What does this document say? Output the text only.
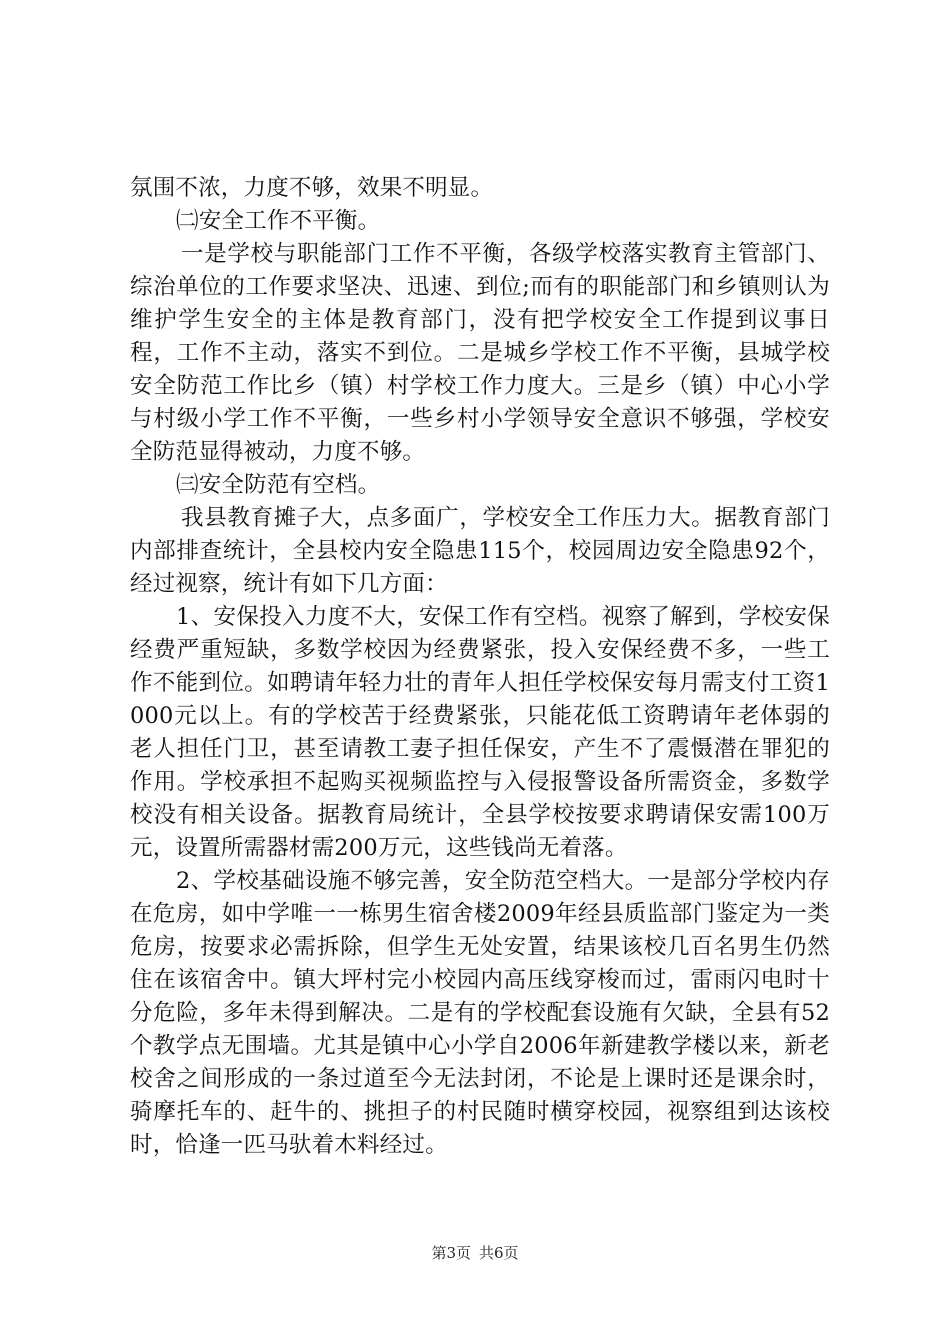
氛围不浓，力度不够，效果不明显。

㈡安全工作不平衡。

一是学校与职能部门工作不平衡，各级学校落实教育主管部门、综治单位的工作要求坚决、迅速、到位;而有的职能部门和乡镇则认为维护学生安全的主体是教育部门，没有把学校安全工作提到议事日程，工作不主动，落实不到位。二是城乡学校工作不平衡，县城学校安全防范工作比乡（镇）村学校工作力度大。三是乡（镇）中心小学与村级小学工作不平衡，一些乡村小学领导安全意识不够强，学校安全防范显得被动，力度不够。

㈢安全防范有空档。

我县教育摊子大，点多面广，学校安全工作压力大。据教育部门内部排查统计，全县校内安全隐患115个，校园周边安全隐患92个，经过视察，统计有如下几方面：

1、安保投入力度不大，安保工作有空档。视察了解到，学校安保经费严重短缺，多数学校因为经费紧张，投入安保经费不多，一些工作不能到位。如聘请年轻力壮的青年人担任学校保安每月需支付工资1000元以上。有的学校苦于经费紧张，只能花低工资聘请年老体弱的老人担任门卫，甚至请教工妻子担任保安，产生不了震慑潜在罪犯的作用。学校承担不起购买视频监控与入侵报警设备所需资金，多数学校没有相关设备。据教育局统计，全县学校按要求聘请保安需100万元，设置所需器材需200万元，这些钱尚无着落。

2、学校基础设施不够完善，安全防范空档大。一是部分学校内存在危房，如中学唯一一栋男生宿舍楼2009年经县质监部门鉴定为一类危房，按要求必需拆除，但学生无处安置，结果该校几百名男生仍然住在该宿舍中。镇大坪村完小校园内高压线穿梭而过，雷雨闪电时十分危险，多年未得到解决。二是有的学校配套设施有欠缺，全县有52个教学点无围墙。尤其是镇中心小学自2006年新建教学楼以来，新老校舍之间形成的一条过道至今无法封闭，不论是上课时还是课余时，骑摩托车的、赶牛的、挑担子的村民随时横穿校园，视察组到达该校时，恰逢一匹马驮着木料经过。

第3页 共6页
